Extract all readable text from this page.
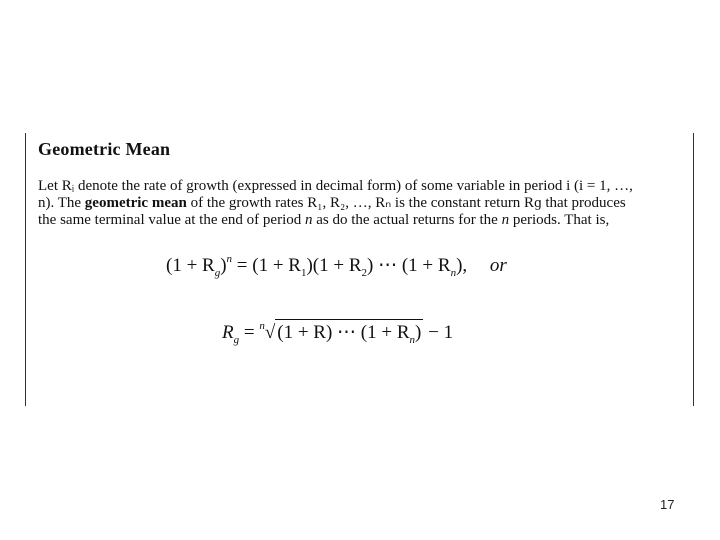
Geometric Mean
Let Rᵢ denote the rate of growth (expressed in decimal form) of some variable in period i (i = 1, …,
n). The geometric mean of the growth rates R₁, R₂, …, Rₙ is the constant return Rɡ that produces
the same terminal value at the end of period n as do the actual returns for the n periods. That is,
$(1 + R_g)^n = (1 + R_1)(1 + R_2)$ ⋯ $(1 + R_n)$, or
$R_g = ^n√$ (1 + R) ⋯ $(1 + R_n) - 1$
17
